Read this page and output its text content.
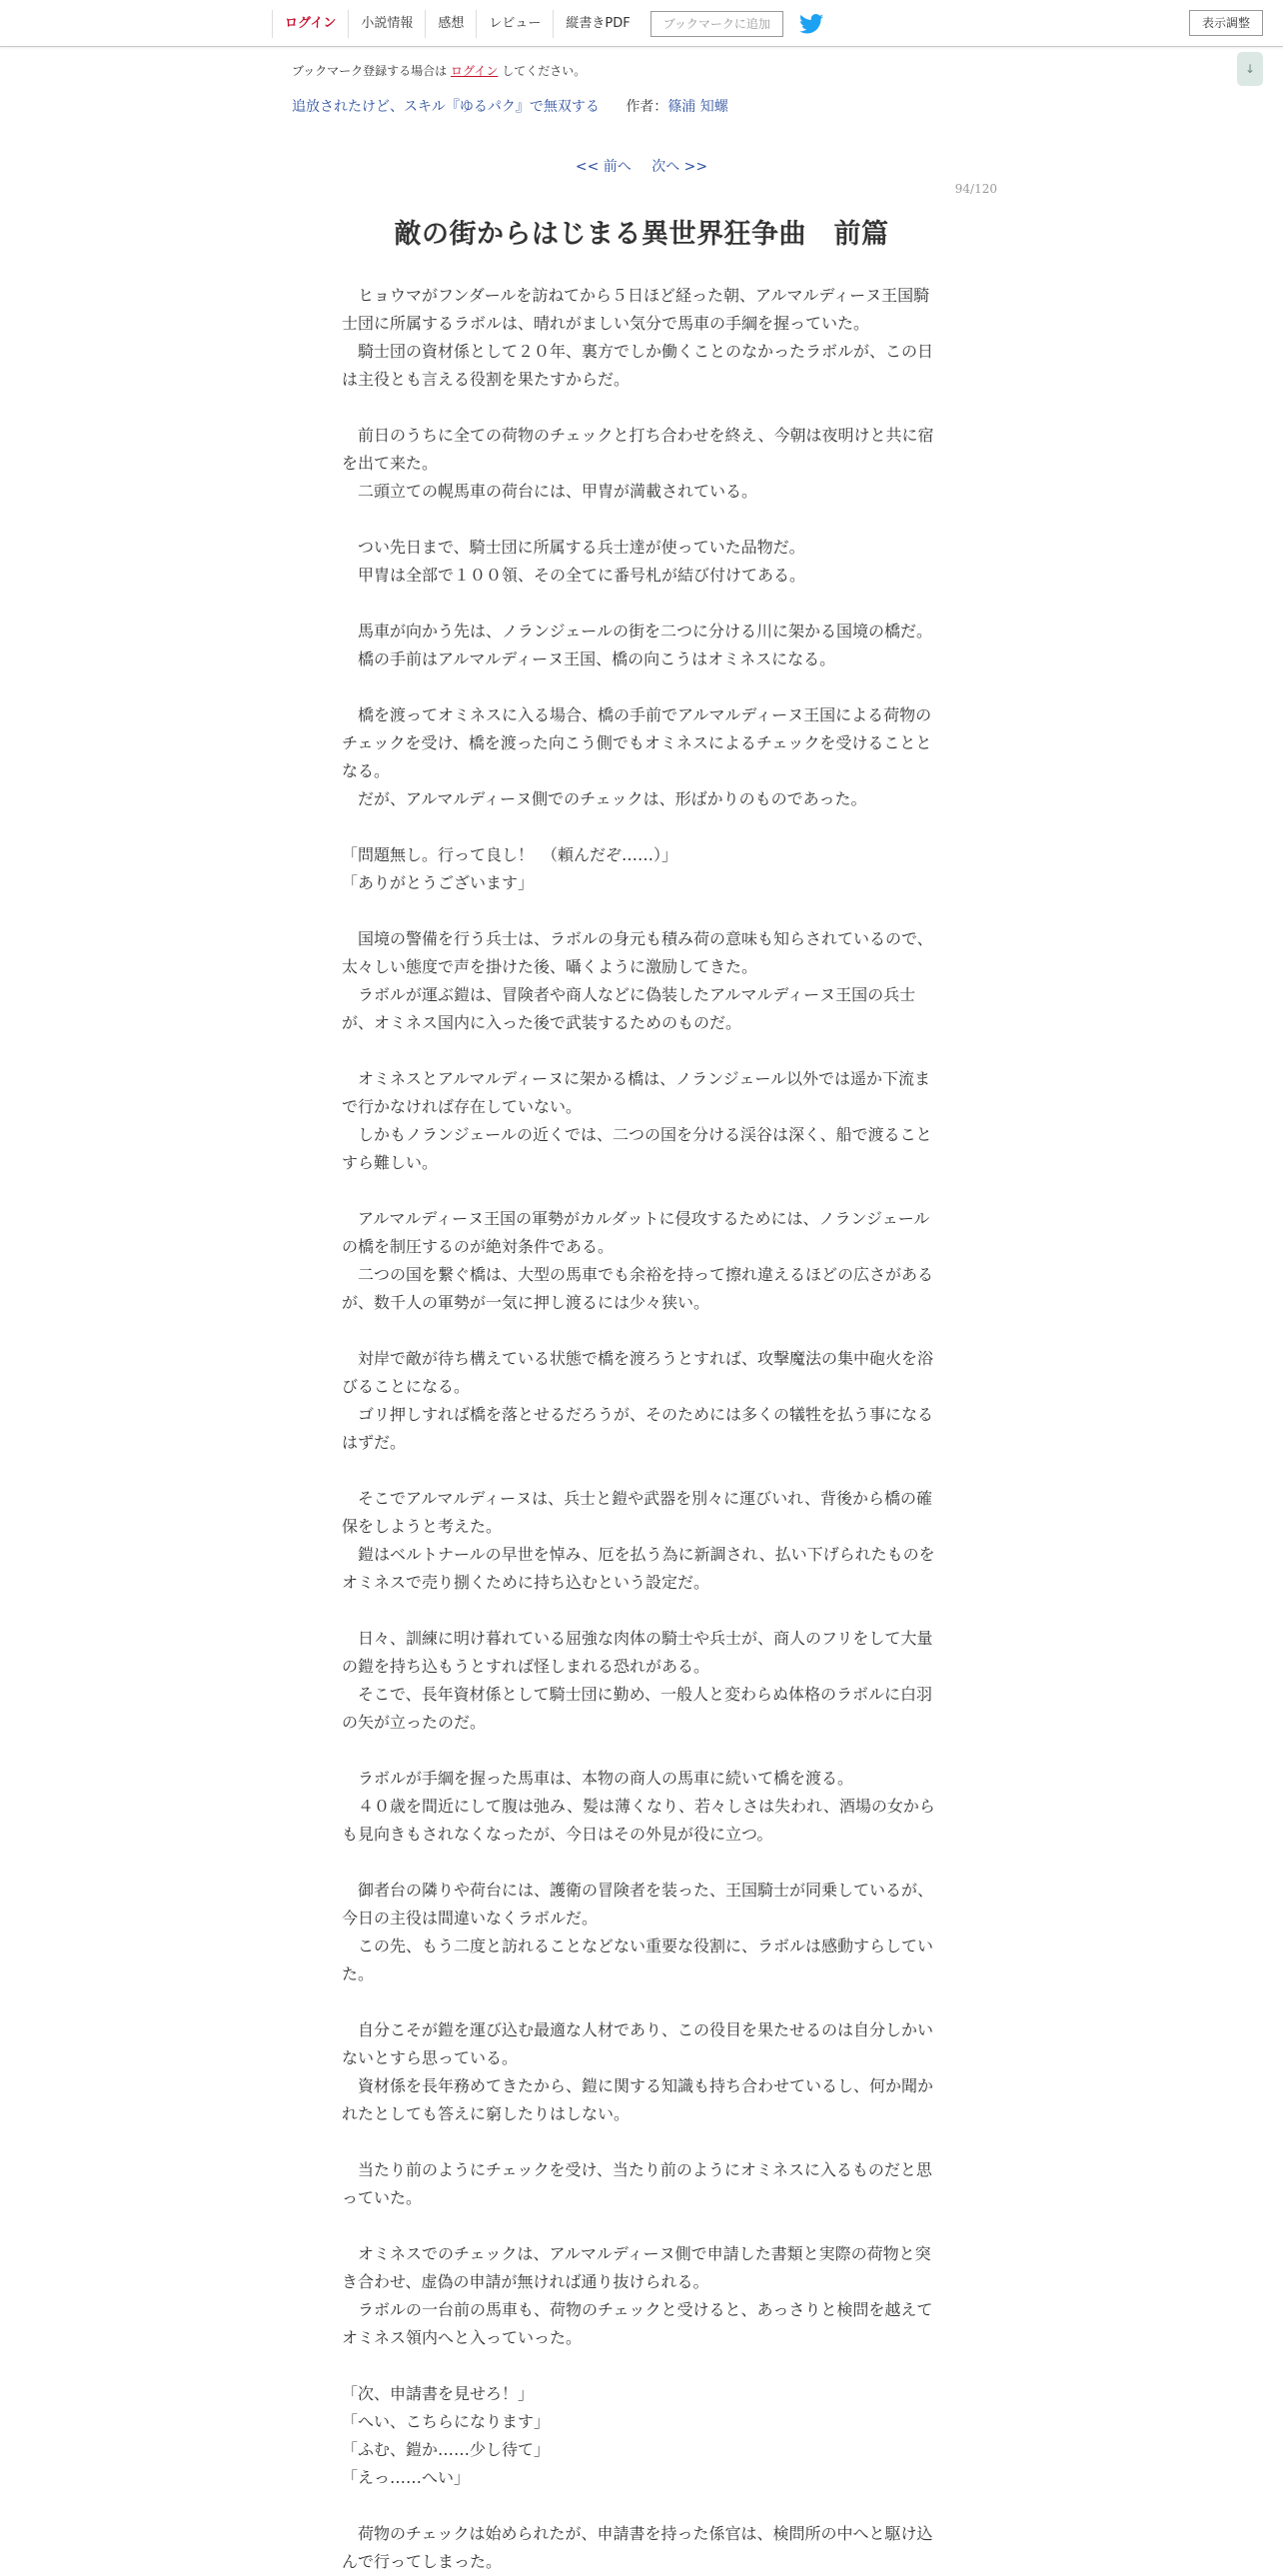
ログイン	小説情報	感想	レビュー	縦書きPDF	ブックマークに追加	表示調整
↓
ブックマーク登録する場合は ログイン してください。
追放されたけど、スキル『ゆるパク』で無双する 作者：篠浦 知螺
<< 前へ 次へ >>
94/120
敵の街からはじまる異世界狂争曲　前篇

　ヒョウマがフンダールを訪ねてから５日ほど経った朝、アルマルディーヌ王国騎士団に所属するラボルは、晴れがましい気分で馬車の手綱を握っていた。

　騎士団の資材係として２０年、裏方でしか働くことのなかったラボルが、この日は主役とも言える役割を果たすからだ。

　前日のうちに全ての荷物のチェックと打ち合わせを終え、今朝は夜明けと共に宿を出て来た。

　二頭立ての幌馬車の荷台には、甲冑が満載されている。

　つい先日まで、騎士団に所属する兵士達が使っていた品物だ。

　甲冑は全部で１００領、その全てに番号札が結び付けてある。

　馬車が向かう先は、ノランジェールの街を二つに分ける川に架かる国境の橋だ。

　橋の手前はアルマルディーヌ王国、橋の向こうはオミネスになる。

　橋を渡ってオミネスに入る場合、橋の手前でアルマルディーヌ王国による荷物のチェックを受け、橋を渡った向こう側でもオミネスによるチェックを受けることとなる。

　だが、アルマルディーヌ側でのチェックは、形ばかりのものであった。

「問題無し。行って良し！　（頼んだぞ……）」

「ありがとうございます」

　国境の警備を行う兵士は、ラボルの身元も積み荷の意味も知らされているので、太々しい態度で声を掛けた後、囁くように激励してきた。

　ラボルが運ぶ鎧は、冒険者や商人などに偽装したアルマルディーヌ王国の兵士が、オミネス国内に入った後で武装するためのものだ。

　オミネスとアルマルディーヌに架かる橋は、ノランジェール以外では遥か下流まで行かなければ存在していない。

　しかもノランジェールの近くでは、二つの国を分ける渓谷は深く、船で渡ることすら難しい。

　アルマルディーヌ王国の軍勢がカルダットに侵攻するためには、ノランジェールの橋を制圧するのが絶対条件である。

　二つの国を繋ぐ橋は、大型の馬車でも余裕を持って擦れ違えるほどの広さがあるが、数千人の軍勢が一気に押し渡るには少々狭い。

　対岸で敵が待ち構えている状態で橋を渡ろうとすれば、攻撃魔法の集中砲火を浴びることになる。

　ゴリ押しすれば橋を落とせるだろうが、そのためには多くの犠牲を払う事になるはずだ。

　そこでアルマルディーヌは、兵士と鎧や武器を別々に運びいれ、背後から橋の確保をしようと考えた。

　鎧はベルトナールの早世を悼み、厄を払う為に新調され、払い下げられたものをオミネスで売り捌くために持ち込むという設定だ。

　日々、訓練に明け暮れている屈強な肉体の騎士や兵士が、商人のフリをして大量の鎧を持ち込もうとすれば怪しまれる恐れがある。

　そこで、長年資材係として騎士団に勤め、一般人と変わらぬ体格のラボルに白羽の矢が立ったのだ。

　ラボルが手綱を握った馬車は、本物の商人の馬車に続いて橋を渡る。

　４０歳を間近にして腹は弛み、髪は薄くなり、若々しさは失われ、酒場の女からも見向きもされなくなったが、今日はその外見が役に立つ。

　御者台の隣りや荷台には、護衛の冒険者を装った、王国騎士が同乗しているが、今日の主役は間違いなくラボルだ。

　この先、もう二度と訪れることなどない重要な役割に、ラボルは感動すらしていた。

　自分こそが鎧を運び込む最適な人材であり、この役目を果たせるのは自分しかいないとすら思っている。

　資材係を長年務めてきたから、鎧に関する知識も持ち合わせているし、何か聞かれたとしても答えに窮したりはしない。

　当たり前のようにチェックを受け、当たり前のようにオミネスに入るものだと思っていた。

　オミネスでのチェックは、アルマルディーヌ側で申請した書類と実際の荷物と突き合わせ、虚偽の申請が無ければ通り抜けられる。

　ラボルの一台前の馬車も、荷物のチェックと受けると、あっさりと検問を越えてオミネス領内へと入っていった。

「次、申請書を見せろ！」

「へい、こちらになります」

「ふむ、鎧か……少し待て」

「えっ……へい」

　荷物のチェックは始められたが、申請書を持った係官は、検問所の中へと駆け込んで行ってしまった。
